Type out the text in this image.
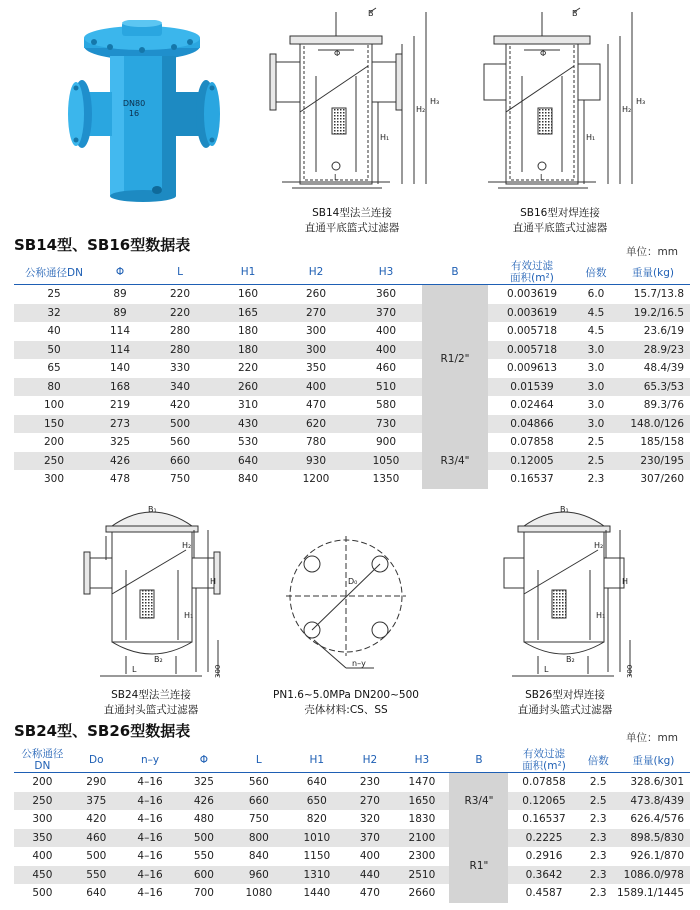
DN80
16
B
Φ
H₃
H₂
H₁
L
SB14型法兰连接
直通平底篮式过滤器
B
Φ
H₃
H₂
H₁
L
SB16型对焊连接
直通平底篮式过滤器
SB14型、SB16型数据表	单位：mm
公称通径DN	Φ	L	H1	H2	H3	B	有效过滤
面积(m²)	倍数	重量(kg)
25	89	220	160	260	360	R1/2"	0.003619	6.0	15.7/13.8
32	89	220	165	270	370		0.003619	4.5	19.2/16.5
40	114	280	180	300	400		0.005718	4.5	23.6/19
50	114	280	180	300	400		0.005718	3.0	28.9/23
65	140	330	220	350	460		0.009613	3.0	48.4/39
80	168	340	260	400	510		0.01539	3.0	65.3/53
100	219	420	310	470	580		0.02464	3.0	89.3/76
150	273	500	430	620	730		0.04866	3.0	148.0/126
200	325	560	530	780	900	R3/4"	0.07858	2.5	185/158
250	426	660	640	930	1050		0.12005	2.5	230/195
300	478	750	840	1200	1350		0.16537	2.3	307/260
B₁
H₂
H
H₁
L
B₂
300
SB24型法兰连接
直通封头篮式过滤器
D₀
n–y
PN1.6~5.0MPa DN200~500
壳体材料:CS、SS
B₁
H₂
H
H₁
L
B₂
300
SB26型对焊连接
直通封头篮式过滤器
SB24型、SB26型数据表	单位：mm
公称通径
DN	Do	n–y	Φ	L	H1	H2	H3	B	有效过滤
面积(m²)	倍数	重量(kg)
200	290	4–16	325	560	640	230	1470	R3/4"	0.07858	2.5	328.6/301
250	375	4–16	426	660	650	270	1650		0.12065	2.5	473.8/439
300	420	4–16	480	750	820	320	1830		0.16537	2.3	626.4/576
350	460	4–16	500	800	1010	370	2100	R1"	0.2225	2.3	898.5/830
400	500	4–16	550	840	1150	400	2300		0.2916	2.3	926.1/870
450	550	4–16	600	960	1310	440	2510		0.3642	2.3	1086.0/978
500	640	4–16	700	1080	1440	470	2660		0.4587	2.3	1589.1/1445
